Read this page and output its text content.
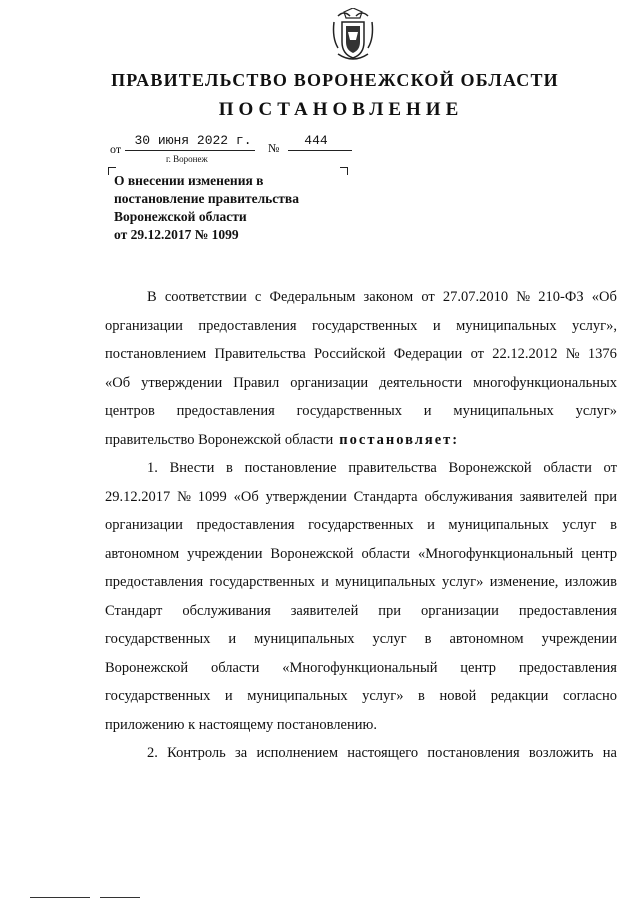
ПРАВИТЕЛЬСТВО ВОРОНЕЖСКОЙ ОБЛАСТИ
ПОСТАНОВЛЕНИЕ
от
30 июня 2022 г. №	444
г. Воронеж
О внесении изменения в
постановление правительства
Воронежской области
от 29.12.2017 № 1099
В соответствии с Федеральным законом от 27.07.2010 № 210-ФЗ «Об
организации предоставления государственных и муниципальных услуг»,
постановлением Правительства Российской Федерации от 22.12.2012 № 1376
«Об утверждении Правил организации деятельности многофункциональных
центров предоставления государственных и муниципальных услуг»
правительство Воронежской области постановляет:
1. Внести в постановление правительства Воронежской области от
29.12.2017 № 1099 «Об утверждении Стандарта обслуживания заявителей при
организации предоставления государственных и муниципальных услуг в
автономном учреждении Воронежской области «Многофункциональный центр
предоставления государственных и муниципальных услуг» изменение, изложив
Стандарт обслуживания заявителей при организации предоставления
государственных и муниципальных услуг в автономном учреждении
Воронежской области «Многофункциональный центр предоставления
государственных и муниципальных услуг» в новой редакции согласно
приложению к настоящему постановлению.
2. Контроль за исполнением настоящего постановления возложить на
